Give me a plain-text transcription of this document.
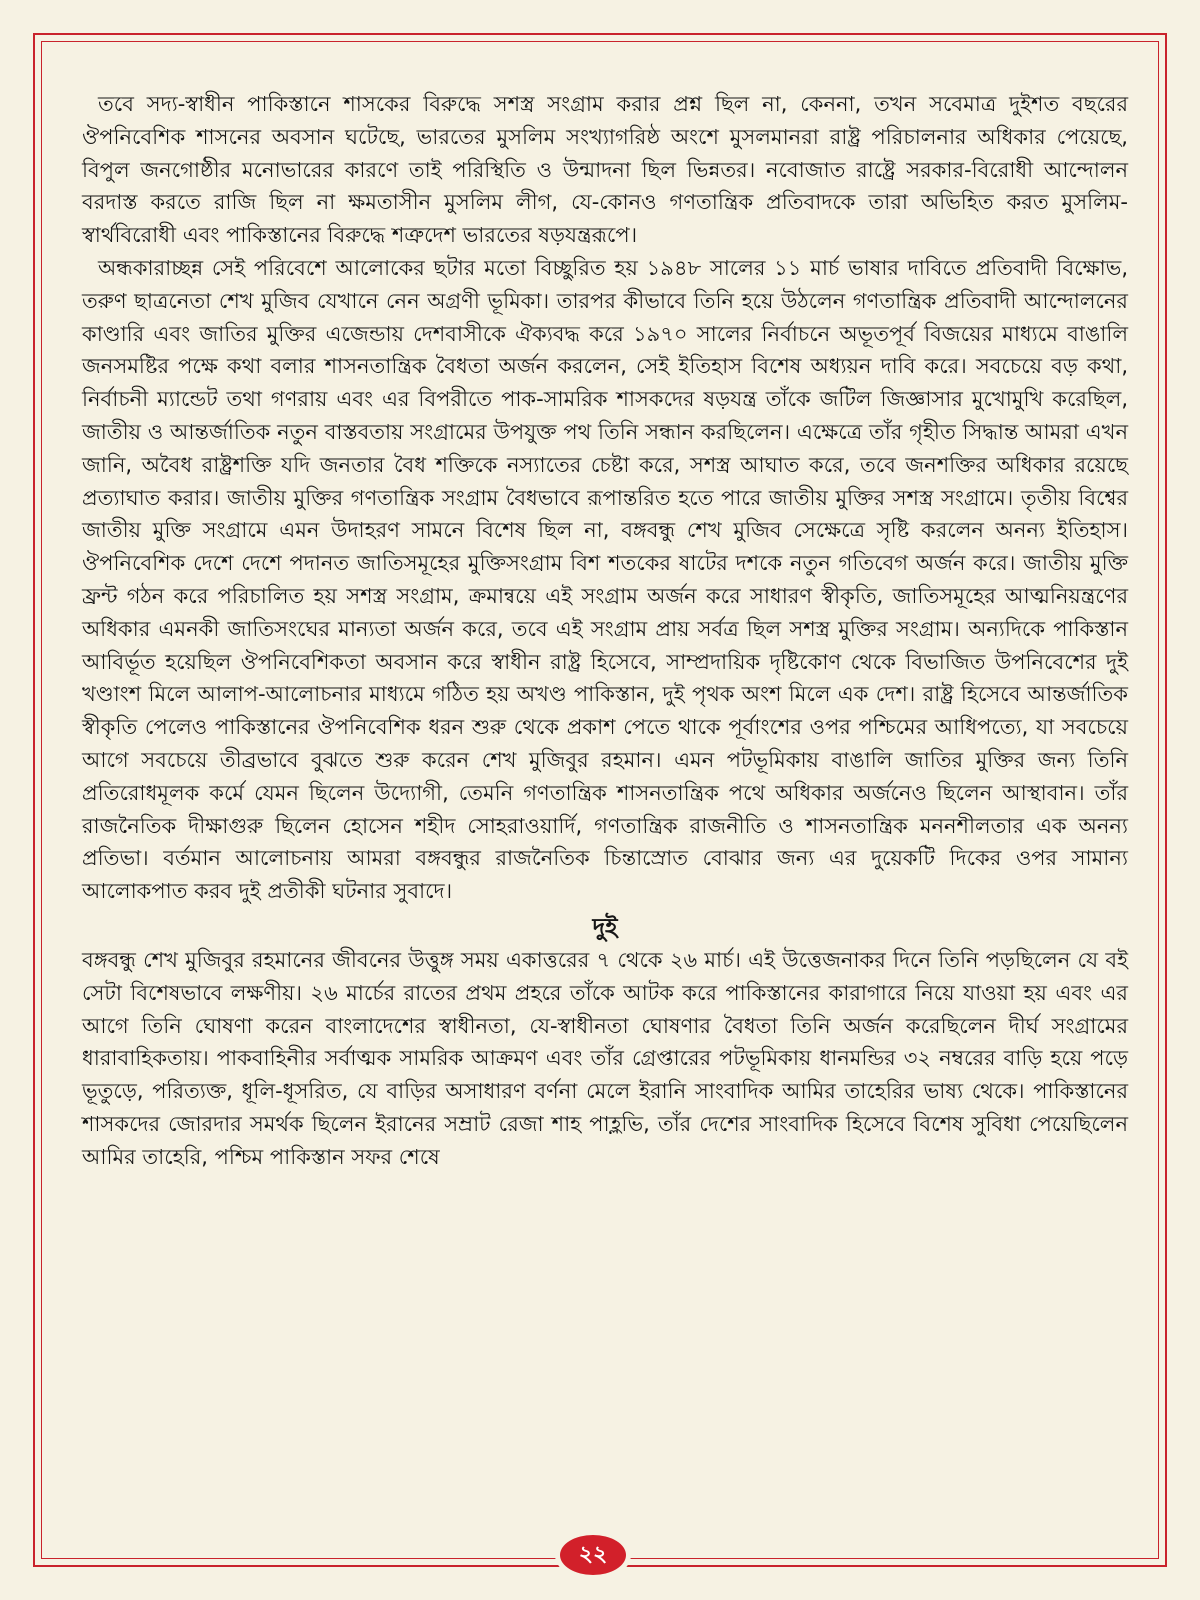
তবে সদ্য-স্বাধীন পাকিস্তানে শাসকের বিরুদ্ধে সশস্ত্র সংগ্রাম করার প্রশ্ন ছিল না, কেননা, তখন সবেমাত্র দুইশত বছরের ঔপনিবেশিক শাসনের অবসান ঘটেছে, ভারতের মুসলিম সংখ্যাগরিষ্ঠ অংশে মুসলমানরা রাষ্ট্র পরিচালনার অধিকার পেয়েছে, বিপুল জনগোষ্ঠীর মনোভারের কারণে তাই পরিস্থিতি ও উন্মাদনা ছিল ভিন্নতর। নবোজাত রাষ্ট্রে সরকার-বিরোধী আন্দোলন বরদাস্ত করতে রাজি ছিল না ক্ষমতাসীন মুসলিম লীগ, যে-কোনও গণতান্ত্রিক প্রতিবাদকে তারা অভিহিত করত মুসলিম-স্বার্থবিরোধী এবং পাকিস্তানের বিরুদ্ধে শত্রুদেশ ভারতের ষড়যন্ত্ররূপে।

অন্ধকারাচ্ছন্ন সেই পরিবেশে আলোকের ছটার মতো বিচ্ছুরিত হয় ১৯৪৮ সালের ১১ মার্চ ভাষার দাবিতে প্রতিবাদী বিক্ষোভ, তরুণ ছাত্রনেতা শেখ মুজিব যেখানে নেন অগ্রণী ভূমিকা। তারপর কীভাবে তিনি হয়ে উঠলেন গণতান্ত্রিক প্রতিবাদী আন্দোলনের কাণ্ডারি এবং জাতির মুক্তির এজেন্ডায় দেশবাসীকে ঐক্যবদ্ধ করে ১৯৭০ সালের নির্বাচনে অভূতপূর্ব বিজয়ের মাধ্যমে বাঙালি জনসমষ্টির পক্ষে কথা বলার শাসনতান্ত্রিক বৈধতা অর্জন করলেন, সেই ইতিহাস বিশেষ অধ্যয়ন দাবি করে। সবচেয়ে বড় কথা, নির্বাচনী ম্যান্ডেট তথা গণরায় এবং এর বিপরীতে পাক-সামরিক শাসকদের ষড়যন্ত্র তাঁকে জটিল জিজ্ঞাসার মুখোমুখি করেছিল, জাতীয় ও আন্তর্জাতিক নতুন বাস্তবতায় সংগ্রামের উপযুক্ত পথ তিনি সন্ধান করছিলেন। এক্ষেত্রে তাঁর গৃহীত সিদ্ধান্ত আমরা এখন জানি, অবৈধ রাষ্ট্রশক্তি যদি জনতার বৈধ শক্তিকে নস্যাতের চেষ্টা করে, সশস্ত্র আঘাত করে, তবে জনশক্তির অধিকার রয়েছে প্রত্যাঘাত করার। জাতীয় মুক্তির গণতান্ত্রিক সংগ্রাম বৈধভাবে রূপান্তরিত হতে পারে জাতীয় মুক্তির সশস্ত্র সংগ্রামে। তৃতীয় বিশ্বের জাতীয় মুক্তি সংগ্রামে এমন উদাহরণ সামনে বিশেষ ছিল না, বঙ্গবন্ধু শেখ মুজিব সেক্ষেত্রে সৃষ্টি করলেন অনন্য ইতিহাস। ঔপনিবেশিক দেশে দেশে পদানত জাতিসমূহের মুক্তিসংগ্রাম বিশ শতকের ষাটের দশকে নতুন গতিবেগ অর্জন করে। জাতীয় মুক্তি ফ্রন্ট গঠন করে পরিচালিত হয় সশস্ত্র সংগ্রাম, ক্রমান্বয়ে এই সংগ্রাম অর্জন করে সাধারণ স্বীকৃতি, জাতিসমূহের আত্মনিয়ন্ত্রণের অধিকার এমনকী জাতিসংঘের মান্যতা অর্জন করে, তবে এই সংগ্রাম প্রায় সর্বত্র ছিল সশস্ত্র মুক্তির সংগ্রাম। অন্যদিকে পাকিস্তান আবির্ভূত হয়েছিল ঔপনিবেশিকতা অবসান করে স্বাধীন রাষ্ট্র হিসেবে, সাম্প্রদায়িক দৃষ্টিকোণ থেকে বিভাজিত উপনিবেশের দুই খণ্ডাংশ মিলে আলাপ-আলোচনার মাধ্যমে গঠিত হয় অখণ্ড পাকিস্তান, দুই পৃথক অংশ মিলে এক দেশ। রাষ্ট্র হিসেবে আন্তর্জাতিক স্বীকৃতি পেলেও পাকিস্তানের ঔপনিবেশিক ধরন শুরু থেকে প্রকাশ পেতে থাকে পূর্বাংশের ওপর পশ্চিমের আধিপত্যে, যা সবচেয়ে আগে সবচেয়ে তীব্রভাবে বুঝতে শুরু করেন শেখ মুজিবুর রহমান। এমন পটভূমিকায় বাঙালি জাতির মুক্তির জন্য তিনি প্রতিরোধমূলক কর্মে যেমন ছিলেন উদ্যোগী, তেমনি গণতান্ত্রিক শাসনতান্ত্রিক পথে অধিকার অর্জনেও ছিলেন আস্থাবান। তাঁর রাজনৈতিক দীক্ষাগুরু ছিলেন হোসেন শহীদ সোহরাওয়ার্দি, গণতান্ত্রিক রাজনীতি ও শাসনতান্ত্রিক মননশীলতার এক অনন্য প্রতিভা। বর্তমান আলোচনায় আমরা বঙ্গবন্ধুর রাজনৈতিক চিন্তাস্রোত বোঝার জন্য এর দুয়েকটি দিকের ওপর সামান্য আলোকপাত করব দুই প্রতীকী ঘটনার সুবাদে।

দুই

বঙ্গবন্ধু শেখ মুজিবুর রহমানের জীবনের উত্তুঙ্গ সময় একাত্তরের ৭ থেকে ২৬ মার্চ। এই উত্তেজনাকর দিনে তিনি পড়ছিলেন যে বই সেটা বিশেষভাবে লক্ষণীয়। ২৬ মার্চের রাতের প্রথম প্রহরে তাঁকে আটক করে পাকিস্তানের কারাগারে নিয়ে যাওয়া হয় এবং এর আগে তিনি ঘোষণা করেন বাংলাদেশের স্বাধীনতা, যে-স্বাধীনতা ঘোষণার বৈধতা তিনি অর্জন করেছিলেন দীর্ঘ সংগ্রামের ধারাবাহিকতায়। পাকবাহিনীর সর্বাত্মক সামরিক আক্রমণ এবং তাঁর গ্রেপ্তারের পটভূমিকায় ধানমন্ডির ৩২ নম্বরের বাড়ি হয়ে পড়ে ভূতুড়ে, পরিত্যক্ত, ধূলি-ধূসরিত, যে বাড়ির অসাধারণ বর্ণনা মেলে ইরানি সাংবাদিক আমির তাহেরির ভাষ্য থেকে। পাকিস্তানের শাসকদের জোরদার সমর্থক ছিলেন ইরানের সম্রাট রেজা শাহ পাহ্লভি, তাঁর দেশের সাংবাদিক হিসেবে বিশেষ সুবিধা পেয়েছিলেন আমির তাহেরি, পশ্চিম পাকিস্তান সফর শেষে

২২
